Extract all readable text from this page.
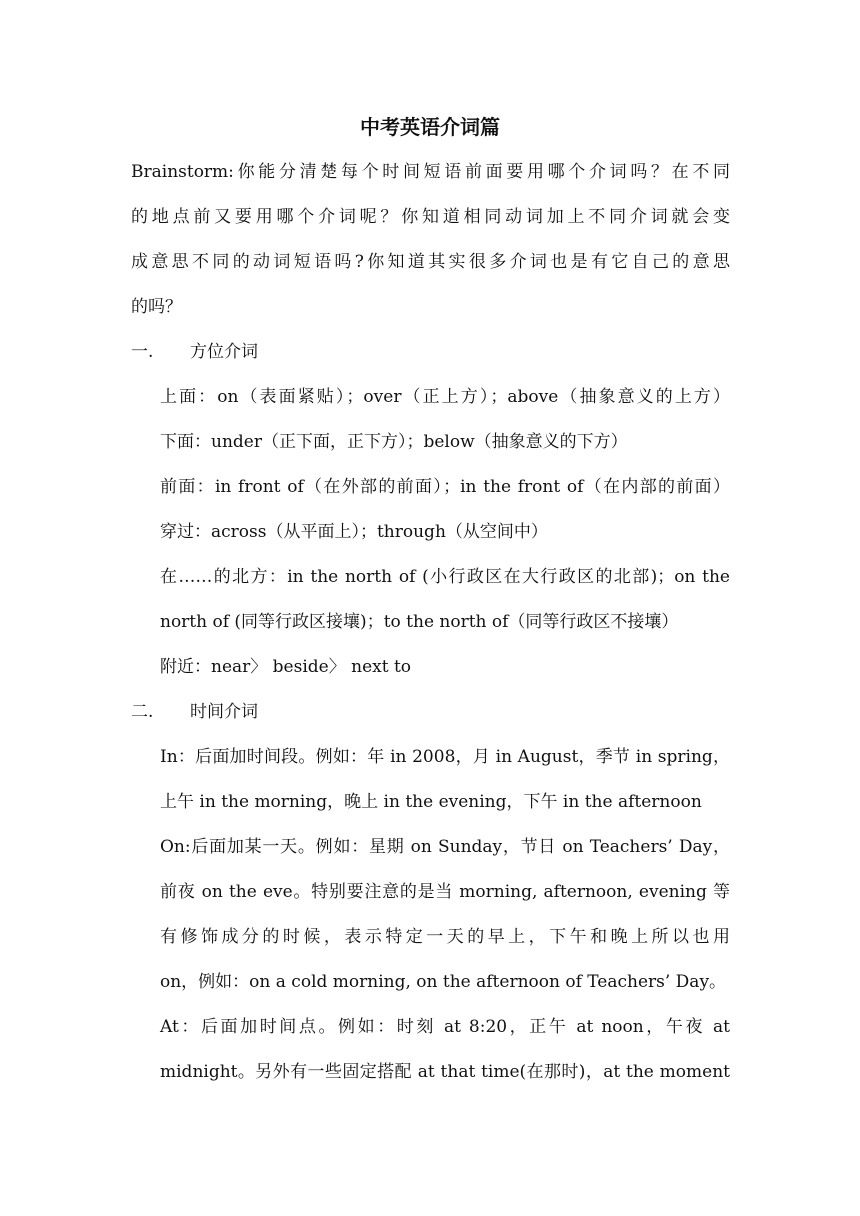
中考英语介词篇
Brainstorm:你能分清楚每个时间短语前面要用哪个介词吗？在不同
的地点前又要用哪个介词呢？你知道相同动词加上不同介词就会变
成意思不同的动词短语吗?你知道其实很多介词也是有它自己的意思
的吗？
一. 方位介词
上面：on（表面紧贴）；over（正上方）；above（抽象意义的上方）
下面：under（正下面，正下方）；below（抽象意义的下方）
前面：in front of（在外部的前面）；in the front of（在内部的前面）
穿过：across（从平面上）；through（从空间中）
在……的北方：in the north of (小行政区在大行政区的北部)；on the
north of (同等行政区接壤)；to the north of（同等行政区不接壤）
附近：near〉 beside〉 next to
二. 时间介词
In：后面加时间段。例如：年 in 2008，月 in August，季节 in spring，
上午 in the morning，晚上 in the evening，下午 in the afternoon
On:后面加某一天。例如：星期 on Sunday，节日 on Teachers’ Day，
前夜 on the eve。特别要注意的是当 morning, afternoon, evening 等
有修饰成分的时候，表示特定一天的早上，下午和晚上所以也用
on，例如：on a cold morning, on the afternoon of Teachers’ Day。
At：后面加时间点。例如：时刻 at 8:20，正午 at noon，午夜 at
midnight。另外有一些固定搭配 at that time(在那时)，at the moment
